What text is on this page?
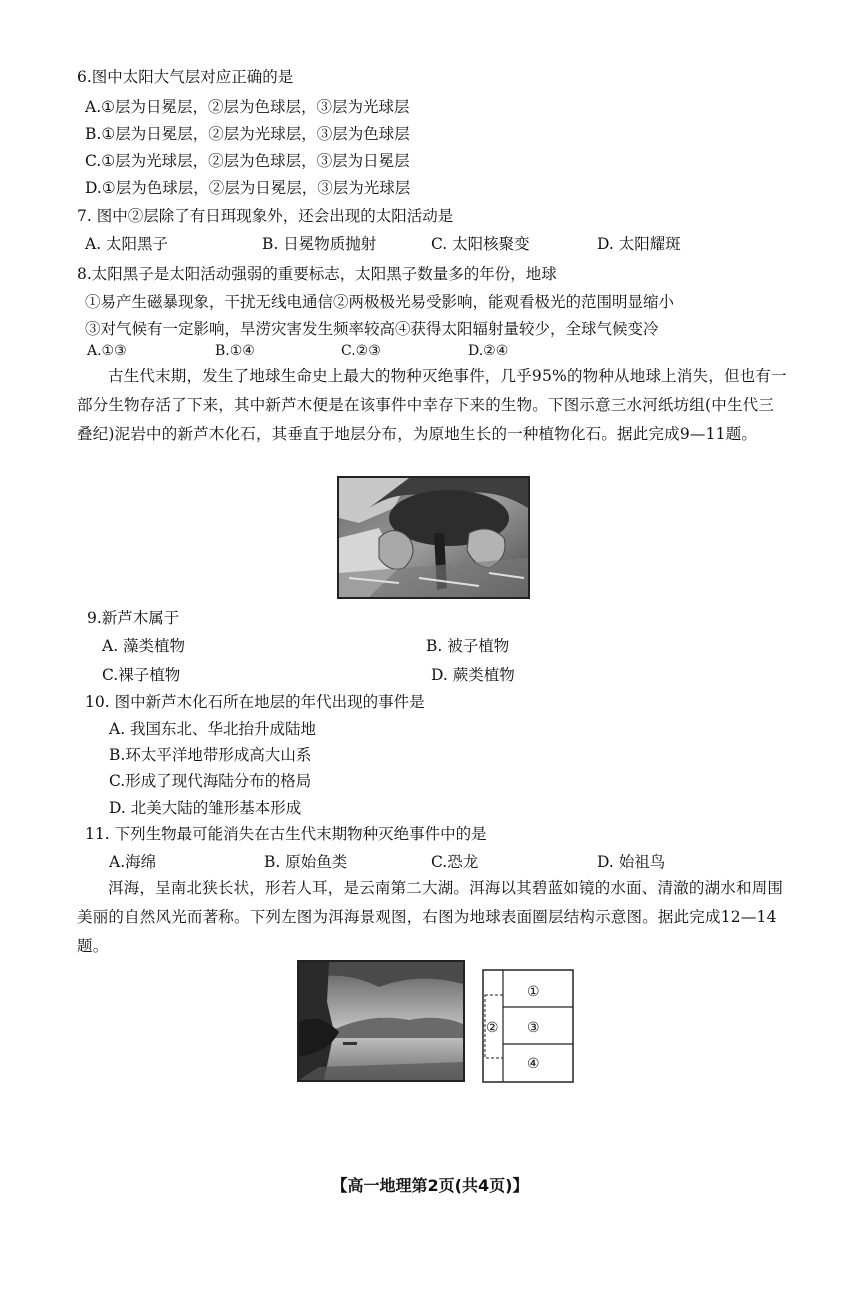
6.图中太阳大气层对应正确的是
A.①层为日冕层，②层为色球层，③层为光球层
B.①层为日冕层，②层为光球层，③层为色球层
C.①层为光球层，②层为色球层，③层为日冕层
D.①层为色球层，②层为日冕层，③层为光球层
7. 图中②层除了有日珥现象外，还会出现的太阳活动是
A. 太阳黑子	B. 日冕物质抛射	C. 太阳核聚变	D. 太阳耀斑
8.太阳黑子是太阳活动强弱的重要标志，太阳黑子数量多的年份，地球
①易产生磁暴现象，干扰无线电通信②两极极光易受影响，能观看极光的范围明显缩小
③对气候有一定影响，旱涝灾害发生频率较高④获得太阳辐射量较少，全球气候变冷
A.①③	B.①④	C.②③	D.②④
古生代末期，发生了地球生命史上最大的物种灭绝事件，几乎95%的物种从地球上消失，但也有一部分生物存活了下来，其中新芦木便是在该事件中幸存下来的生物。下图示意三水河纸坊组(中生代三叠纪)泥岩中的新芦木化石，其垂直于地层分布，为原地生长的一种植物化石。据此完成9—11题。
9.新芦木属于
A. 藻类植物	B. 被子植物
C.裸子植物	D. 蕨类植物
10. 图中新芦木化石所在地层的年代出现的事件是
A. 我国东北、华北抬升成陆地
B.环太平洋地带形成高大山系
C.形成了现代海陆分布的格局
D. 北美大陆的雏形基本形成
11. 下列生物最可能消失在古生代末期物种灭绝事件中的是
A.海绵	B. 原始鱼类	C.恐龙	D. 始祖鸟
洱海，呈南北狭长状，形若人耳，是云南第二大湖。洱海以其碧蓝如镜的水面、清澈的湖水和周围美丽的自然风光而著称。下列左图为洱海景观图，右图为地球表面圈层结构示意图。据此完成12—14题。
①
② ③
④
【高一地理第2页(共4页)】
